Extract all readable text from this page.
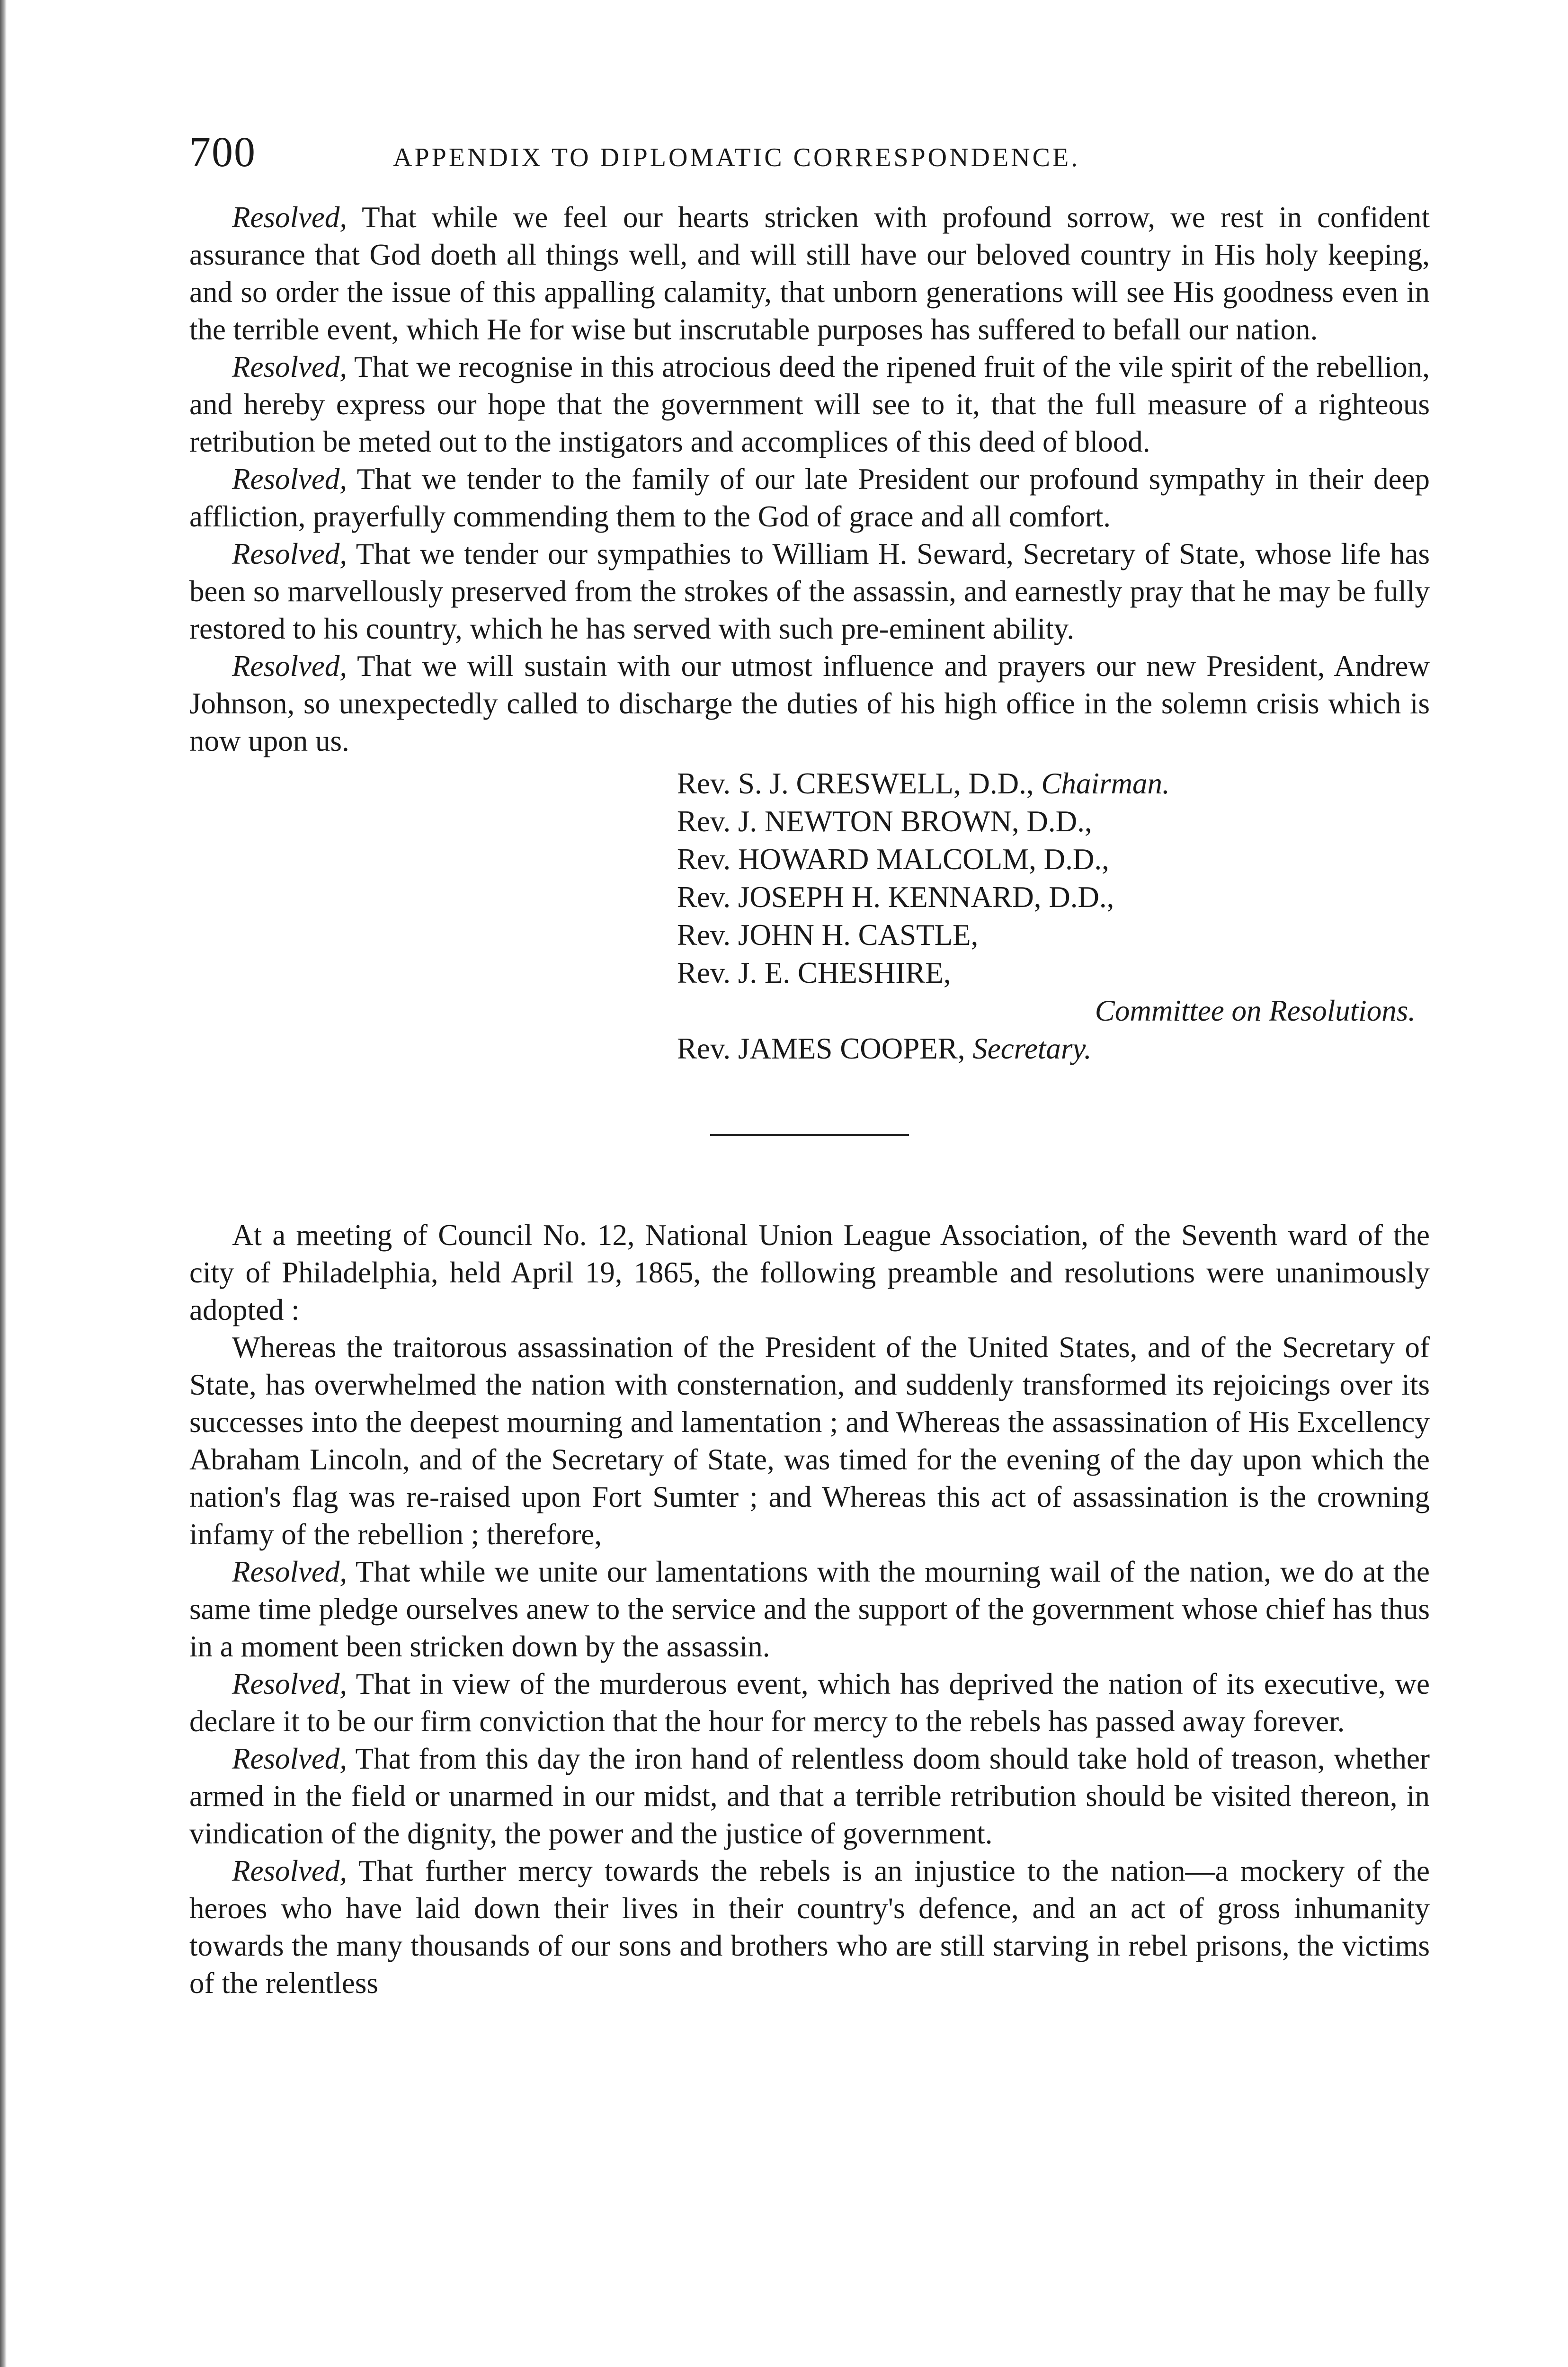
700	APPENDIX TO DIPLOMATIC CORRESPONDENCE.

Resolved, That while we feel our hearts stricken with profound sorrow, we rest in confident assurance that God doeth all things well, and will still have our beloved country in His holy keeping, and so order the issue of this appalling calamity, that unborn generations will see His goodness even in the terrible event, which He for wise but inscrutable purposes has suffered to befall our nation.

Resolved, That we recognise in this atrocious deed the ripened fruit of the vile spirit of the rebellion, and hereby express our hope that the government will see to it, that the full measure of a righteous retribution be meted out to the instigators and accomplices of this deed of blood.

Resolved, That we tender to the family of our late President our profound sympathy in their deep affliction, prayerfully commending them to the God of grace and all comfort.

Resolved, That we tender our sympathies to William H. Seward, Secretary of State, whose life has been so marvellously preserved from the strokes of the assassin, and earnestly pray that he may be fully restored to his country, which he has served with such pre-eminent ability.

Resolved, That we will sustain with our utmost influence and prayers our new President, Andrew Johnson, so unexpectedly called to discharge the duties of his high office in the solemn crisis which is now upon us.

Rev. S. J. CRESWELL, D.D., Chairman.
Rev. J. NEWTON BROWN, D.D.,
Rev. HOWARD MALCOLM, D.D.,
Rev. JOSEPH H. KENNARD, D.D.,
Rev. JOHN H. CASTLE,
Rev. J. E. CHESHIRE,
Committee on Resolutions.
Rev. JAMES COOPER, Secretary.

At a meeting of Council No. 12, National Union League Association, of the Seventh ward of the city of Philadelphia, held April 19, 1865, the following preamble and resolutions were unanimously adopted :

Whereas the traitorous assassination of the President of the United States, and of the Secretary of State, has overwhelmed the nation with consternation, and suddenly transformed its rejoicings over its successes into the deepest mourning and lamentation ; and Whereas the assassination of His Excellency Abraham Lincoln, and of the Secretary of State, was timed for the evening of the day upon which the nation's flag was re-raised upon Fort Sumter ; and Whereas this act of assassination is the crowning infamy of the rebellion ; therefore,

Resolved, That while we unite our lamentations with the mourning wail of the nation, we do at the same time pledge ourselves anew to the service and the support of the government whose chief has thus in a moment been stricken down by the assassin.

Resolved, That in view of the murderous event, which has deprived the nation of its executive, we declare it to be our firm conviction that the hour for mercy to the rebels has passed away forever.

Resolved, That from this day the iron hand of relentless doom should take hold of treason, whether armed in the field or unarmed in our midst, and that a terrible retribution should be visited thereon, in vindication of the dignity, the power and the justice of government.

Resolved, That further mercy towards the rebels is an injustice to the nation—a mockery of the heroes who have laid down their lives in their country's defence, and an act of gross inhumanity towards the many thousands of our sons and brothers who are still starving in rebel prisons, the victims of the relentless
